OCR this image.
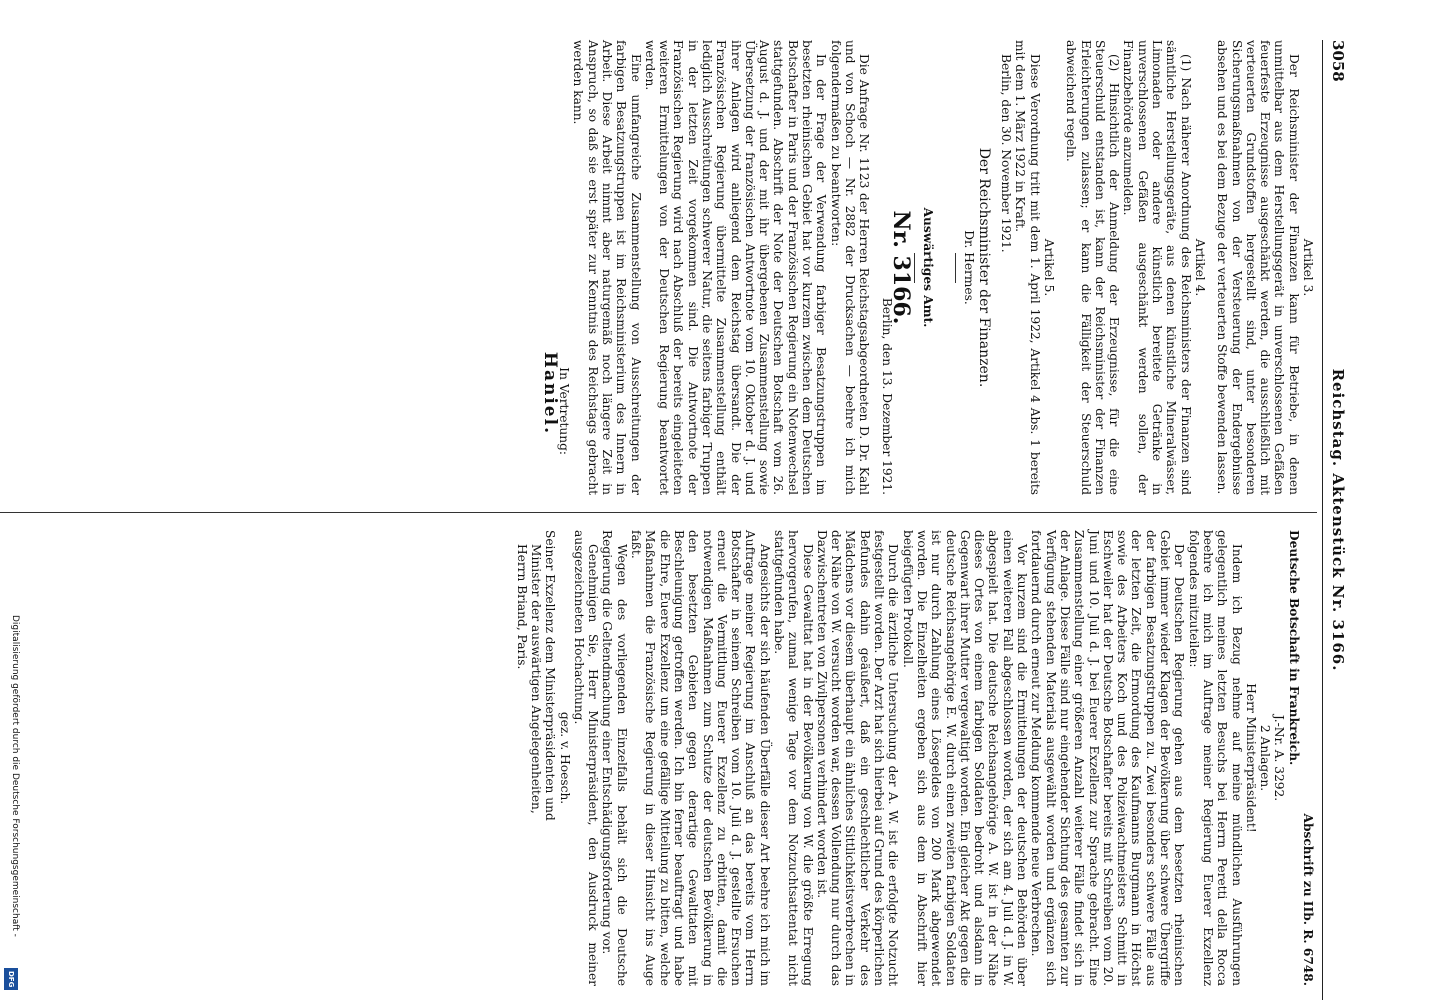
3058
Reichstag. Aktenstück Nr. 3166.
Artikel 3.

Der Reichsminister der Finanzen kann für Betriebe, in denen unmittelbar aus dem Herstellungsgerät in unverschlossenen Gefäßen feuerfeste Erzeugnisse ausgeschänkt werden, die ausschließlich mit verteuerten Grundstoffen hergestellt sind, unter besonderen Sicherungsmaßnahmen von der Versteuerung der Endergebnisse absehen und es bei dem Bezuge der verteuerten Stoffe bewenden lassen.

Artikel 4.

(1) Nach näherer Anordnung des Reichsministers der Finanzen sind sämtliche Herstellungsgeräte, aus denen künstliche Mineralwässer, Limonaden oder andere künstlich bereitete Getränke in unverschlossenen Gefäßen ausgeschänkt werden sollen, der Finanzbehörde anzumelden.

(2) Hinsichtlich der Anmeldung der Erzeugnisse, für die eine Steuerschuld entstanden ist, kann der Reichsminister der Finanzen Erleichterungen zulassen; er kann die Fälligkeit der Steuerschuld abweichend regeln.

Artikel 5.

Diese Verordnung tritt mit dem 1. April 1922, Artikel 4 Abs. 1 bereits mit dem 1. März 1922 in Kraft.

Berlin, den 30. November 1921.

Der Reichsminister der Finanzen.
Dr. Hermes.
Auswärtiges Amt.
Nr. 3166.
Berlin, den 13. Dezember 1921.

Die Anfrage Nr. 1123 der Herren Reichstagsabgeordneten D. Dr. Kahl und von Schoch — Nr. 2882 der Drucksachen — beehre ich mich folgendermaßen zu beantworten:

In der Frage der Verwendung farbiger Besatzungstruppen im besetzten rheinischen Gebiet hat vor kurzem zwischen dem Deutschen Botschafter in Paris und der Französischen Regierung ein Notenwechsel stattgefunden. Abschrift der Note der Deutschen Botschaft vom 26. August d. J. und der mit ihr übergebenen Zusammenstellung sowie Übersetzung der französischen Antwortnote vom 10. Oktober d. J. und ihrer Anlagen wird anliegend dem Reichstag übersandt. Die der Französischen Regierung übermittelte Zusammenstellung enthält lediglich Ausschreitungen schwerer Natur, die seitens farbiger Truppen in der letzten Zeit vorgekommen sind. Die Antwortnote der Französischen Regierung wird nach Abschluß der bereits eingeleiteten weiteren Ermittelungen von der Deutschen Regierung beantwortet werden.

Eine umfangreiche Zusammenstellung von Ausschreitungen der farbigen Besatzungstruppen ist im Reichsministerium des Innern in Arbeit. Diese Arbeit nimmt aber naturgemäß noch längere Zeit in Anspruch, so daß sie erst später zur Kenntnis des Reichstags gebracht werden kann.

In Vertretung:
Haniel.
Abschrift zu IIb. R. 6748.
Deutsche Botschaft in Frankreich.
J.-Nr. A. 3292.
2 Anlagen.
Herr Ministerpräsident!

Indem ich Bezug nehme auf meine mündlichen Ausführungen gelegentlich meines letzten Besuchs bei Herrn Peretti della Rocca beehre ich mich im Auftrage meiner Regierung Euerer Exzellenz folgendes mitzuteilen:

Der Deutschen Regierung gehen aus dem besetzten rheinischen Gebiet immer wieder Klagen der Bevölkerung über schwere Übergriffe der farbigen Besatzungstruppen zu. Zwei besonders schwere Fälle aus der letzten Zeit, die Ermordung des Kaufmanns Burgmann in Höchst sowie des Arbeiters Koch und des Polizeiwachtmeisters Schmitt in Eschweiler hat der Deutsche Botschafter bereits mit Schreiben vom 20. Juni und 10. Juli d. J. bei Euerer Exzellenz zur Sprache gebracht. Eine Zusammenstellung einer größeren Anzahl weiterer Fälle findet sich in der Anlage. Diese Fälle sind nur eingehender Sichtung des gesamten zur Verfügung stehenden Materials ausgewählt worden und ergänzen sich fortdauernd durch erneut zur Meldung kommende neue Verbrechen.

Vor kurzem sind die Ermittelungen der deutschen Behörden über einen weiteren Fall abgeschlossen worden, der sich am 4. Juli d. J. in W. abgespielt hat. Die deutsche Reichsangehörige A. W. ist in der Nähe dieses Ortes von einem farbigen Soldaten bedroht und alsdann in Gegenwart ihrer Mutter vergewaltigt worden. Ein gleicher Akt gegen die deutsche Reichsangehörige E. W. durch einen zweiten farbigen Soldaten ist nur durch Zahlung eines Lösegeldes von 200 Mark abgewendet worden. Die Einzelheiten ergeben sich aus dem in Abschrift hier beigefügten Protokoll.

Durch die ärztliche Untersuchung der A. W. ist die erfolgte Notzucht festgestellt worden. Der Arzt hat sich hierbei auf Grund des körperlichen Befundes dahin geäußert, daß ein geschlechtlicher Verkehr des Mädchens vor diesem überhaupt ein ähnliches Sittlichkeitsverbrechen in der Nähe von W. versucht worden war, dessen Vollendung nur durch das Dazwischentreten von Zivilpersonen verhindert worden ist.

Diese Gewalttat hat in der Bevölkerung von W. die größte Erregung hervorgerufen, zumal wenige Tage vor dem Notzuchtsattentat nicht stattgefunden habe.

Angesichts der sich häufenden Überfälle dieser Art beehre ich mich im Auftrage meiner Regierung im Anschluß an das bereits vom Herrn Botschafter in seinem Schreiben vom 10. Juli d. J. gestellte Ersuchen erneut die Vermittlung Euerer Exzellenz zu erbitten, damit die notwendigen Maßnahmen zum Schutze der deutschen Bevölkerung in den besetzten Gebieten gegen derartige Gewalttaten mit Beschleunigung getroffen werden. Ich bin ferner beauftragt und habe die Ehre, Euere Exzellenz um eine gefällige Mitteilung zu bitten, welche Maßnahmen die Französische Regierung in dieser Hinsicht ins Auge faßt.

Wegen des vorliegenden Einzelfalls behält sich die Deutsche Regierung die Geltendmachung einer Entschädigungsforderung vor.

Genehmigen Sie, Herr Ministerpräsident, den Ausdruck meiner ausgezeichneten Hochachtung.

gez. v. Hoesch.
Seiner Exzellenz dem Ministerpräsidenten und
Minister der auswärtigen Angelegenheiten,
Herrn Briand, Paris.
Digitalisierung gefördert durch die Deutsche Forschungsgemeinschaft -
DFG
